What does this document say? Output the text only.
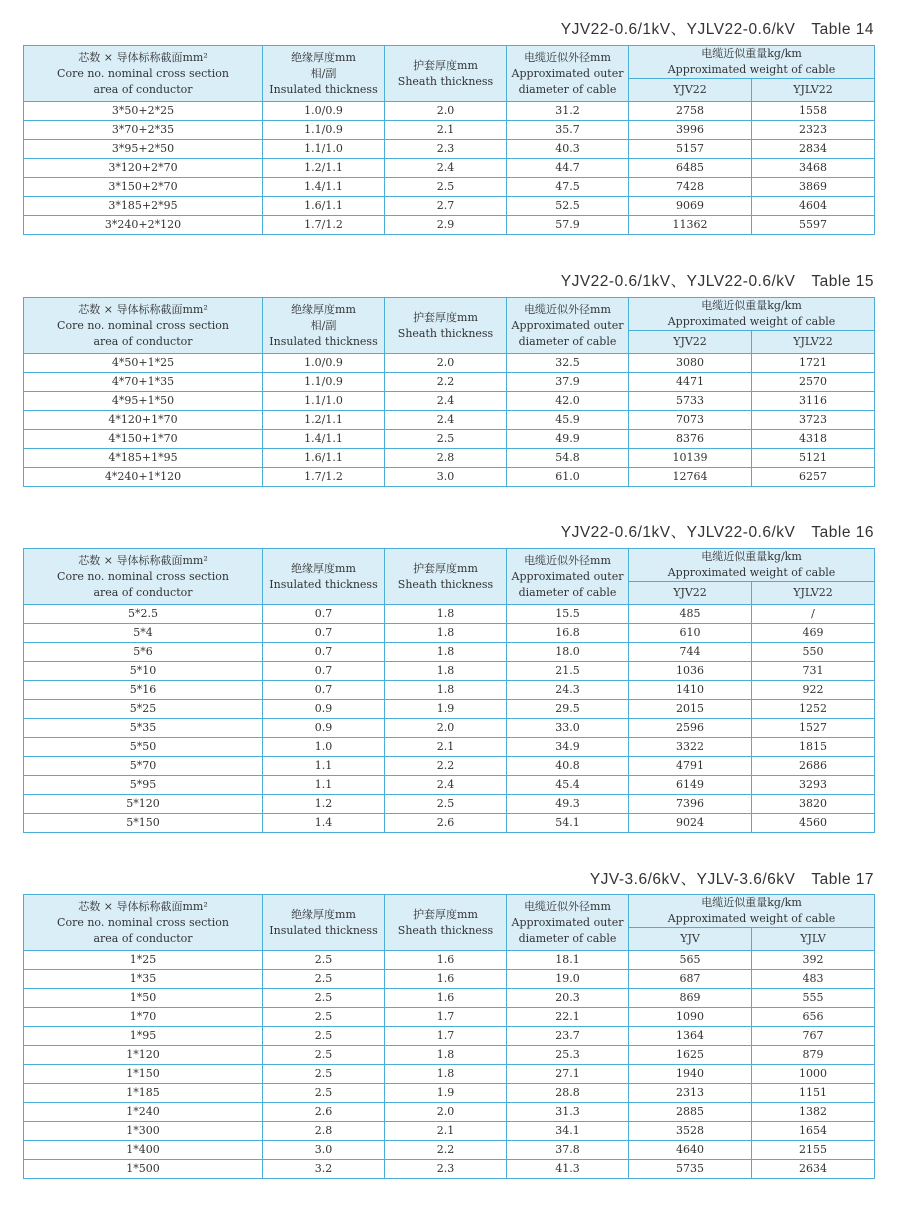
YJV22-0.6/1kV、YJLV22-0.6/kV Table 14
芯数 × 导体标称截面mm²
Core no. nominal cross section
area of conductor	绝缘厚度mm
相/副
Insulated thickness	护套厚度mm
Sheath thickness	电缆近似外径mm
Approximated outer
diameter of cable	电缆近似重量kg/km
Approximated weight of cable	

				YJV22	YJLV22
3*50+2*25	1.0/0.9	2.0	31.2	2758	1558
3*70+2*35	1.1/0.9	2.1	35.7	3996	2323
3*95+2*50	1.1/1.0	2.3	40.3	5157	2834
3*120+2*70	1.2/1.1	2.4	44.7	6485	3468
3*150+2*70	1.4/1.1	2.5	47.5	7428	3869
3*185+2*95	1.6/1.1	2.7	52.5	9069	4604
3*240+2*120	1.7/1.2	2.9	57.9	11362	5597
YJV22-0.6/1kV、YJLV22-0.6/kV Table 15
芯数 × 导体标称截面mm²
Core no. nominal cross section
area of conductor	绝缘厚度mm
相/副
Insulated thickness	护套厚度mm
Sheath thickness	电缆近似外径mm
Approximated outer
diameter of cable	电缆近似重量kg/km
Approximated weight of cable	

				YJV22	YJLV22
4*50+1*25	1.0/0.9	2.0	32.5	3080	1721
4*70+1*35	1.1/0.9	2.2	37.9	4471	2570
4*95+1*50	1.1/1.0	2.4	42.0	5733	3116
4*120+1*70	1.2/1.1	2.4	45.9	7073	3723
4*150+1*70	1.4/1.1	2.5	49.9	8376	4318
4*185+1*95	1.6/1.1	2.8	54.8	10139	5121
4*240+1*120	1.7/1.2	3.0	61.0	12764	6257
YJV22-0.6/1kV、YJLV22-0.6/kV Table 16
芯数 × 导体标称截面mm²
Core no. nominal cross section
area of conductor	绝缘厚度mm
Insulated thickness	护套厚度mm
Sheath thickness	电缆近似外径mm
Approximated outer
diameter of cable	电缆近似重量kg/km
Approximated weight of cable	

				YJV22	YJLV22
5*2.5	0.7	1.8	15.5	485	/
5*4	0.7	1.8	16.8	610	469
5*6	0.7	1.8	18.0	744	550
5*10	0.7	1.8	21.5	1036	731
5*16	0.7	1.8	24.3	1410	922
5*25	0.9	1.9	29.5	2015	1252
5*35	0.9	2.0	33.0	2596	1527
5*50	1.0	2.1	34.9	3322	1815
5*70	1.1	2.2	40.8	4791	2686
5*95	1.1	2.4	45.4	6149	3293
5*120	1.2	2.5	49.3	7396	3820
5*150	1.4	2.6	54.1	9024	4560
YJV-3.6/6kV、YJLV-3.6/6kV Table 17
芯数 × 导体标称截面mm²
Core no. nominal cross section
area of conductor	绝缘厚度mm
Insulated thickness	护套厚度mm
Sheath thickness	电缆近似外径mm
Approximated outer
diameter of cable	电缆近似重量kg/km
Approximated weight of cable	

				YJV	YJLV
1*25	2.5	1.6	18.1	565	392
1*35	2.5	1.6	19.0	687	483
1*50	2.5	1.6	20.3	869	555
1*70	2.5	1.7	22.1	1090	656
1*95	2.5	1.7	23.7	1364	767
1*120	2.5	1.8	25.3	1625	879
1*150	2.5	1.8	27.1	1940	1000
1*185	2.5	1.9	28.8	2313	1151
1*240	2.6	2.0	31.3	2885	1382
1*300	2.8	2.1	34.1	3528	1654
1*400	3.0	2.2	37.8	4640	2155
1*500	3.2	2.3	41.3	5735	2634
